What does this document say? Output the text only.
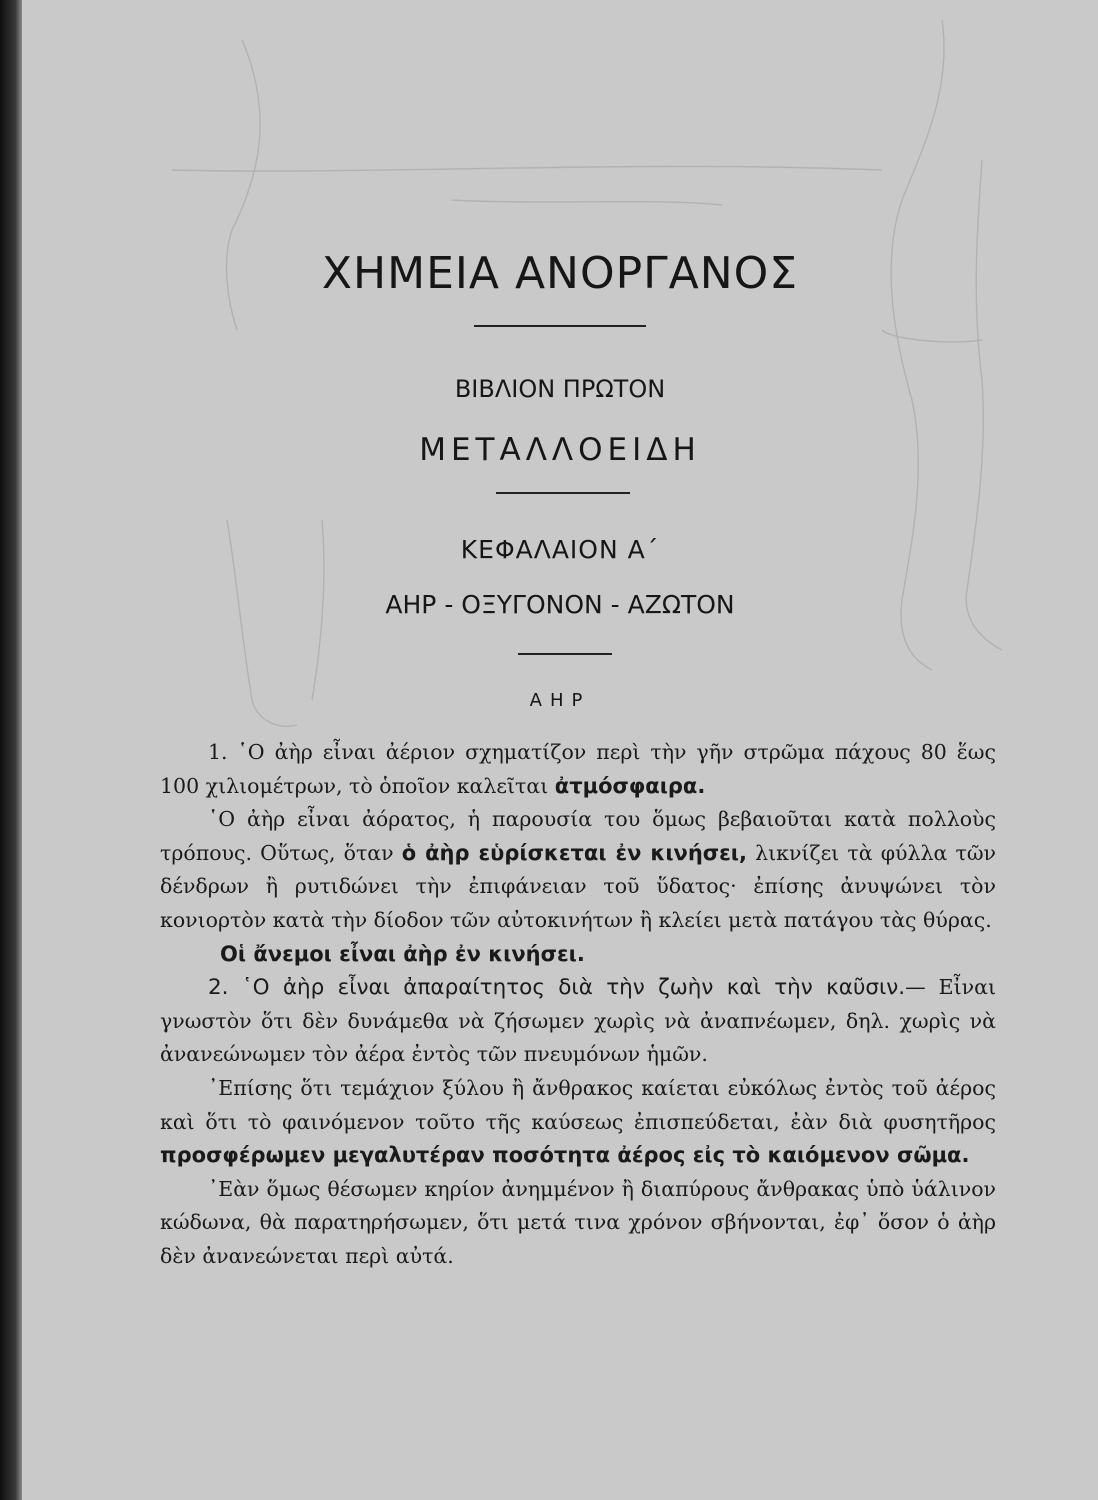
ΧΗΜΕΙΑ ΑΝΟΡΓΑΝΟΣ
ΒΙΒΛΙΟΝ ΠΡΩΤΟΝ
ΜΕΤΑΛΛΟΕΙΔΗ
ΚΕΦΑΛΑΙΟΝ Α΄
ΑΗΡ - ΟΞΥΓΟΝΟΝ - ΑΖΩΤΟΝ
ΑΗΡ

1. ῾Ο ἀὴρ εἶναι ἀέριον σχηματίζον περὶ τὴν γῆν στρῶμα πάχους 80 ἕως 100 χιλιομέτρων, τὸ ὁποῖον καλεῖται ἀτμόσφαιρα.

῾Ο ἀὴρ εἶναι ἀόρατος, ἡ παρουσία του ὅμως βεβαιοῦται κατὰ πολλοὺς τρόπους. Οὕτως, ὅταν ὁ ἀὴρ εὑρίσκεται ἐν κινήσει, λικνίζει τὰ φύλλα τῶν δένδρων ἢ ρυτιδώνει τὴν ἐπιφάνειαν τοῦ ὕδατος· ἐπίσης ἀνυψώνει τὸν κονιορτὸν κατὰ τὴν δίοδον τῶν αὐτοκινήτων ἢ κλείει μετὰ πατάγου τὰς θύρας.

Οἱ ἄνεμοι εἶναι ἀὴρ ἐν κινήσει.

2. ῾Ο ἀὴρ εἶναι ἀπαραίτητος διὰ τὴν ζωὴν καὶ τὴν καῦσιν.— Εἶναι γνωστὸν ὅτι δὲν δυνάμεθα νὰ ζήσωμεν χωρὶς νὰ ἀναπνέωμεν, δηλ. χωρὶς νὰ ἀνανεώνωμεν τὸν ἀέρα ἐντὸς τῶν πνευμόνων ἡμῶν.

᾿Επίσης ὅτι τεμάχιον ξύλου ἢ ἄνθρακος καίεται εὐκόλως ἐντὸς τοῦ ἀέρος καὶ ὅτι τὸ φαινόμενον τοῦτο τῆς καύσεως ἐπισπεύδεται, ἐὰν διὰ φυσητῆρος προσφέρωμεν μεγαλυτέραν ποσότητα ἀέρος εἰς τὸ καιόμενον σῶμα.

᾿Εὰν ὅμως θέσωμεν κηρίον ἀνημμένον ἢ διαπύρους ἄνθρακας ὑπὸ ὑάλινον κώδωνα, θὰ παρατηρήσωμεν, ὅτι μετά τινα χρόνον σβήνονται, ἐφ᾿ ὅσον ὁ ἀὴρ δὲν ἀνανεώνεται περὶ αὐτά.
